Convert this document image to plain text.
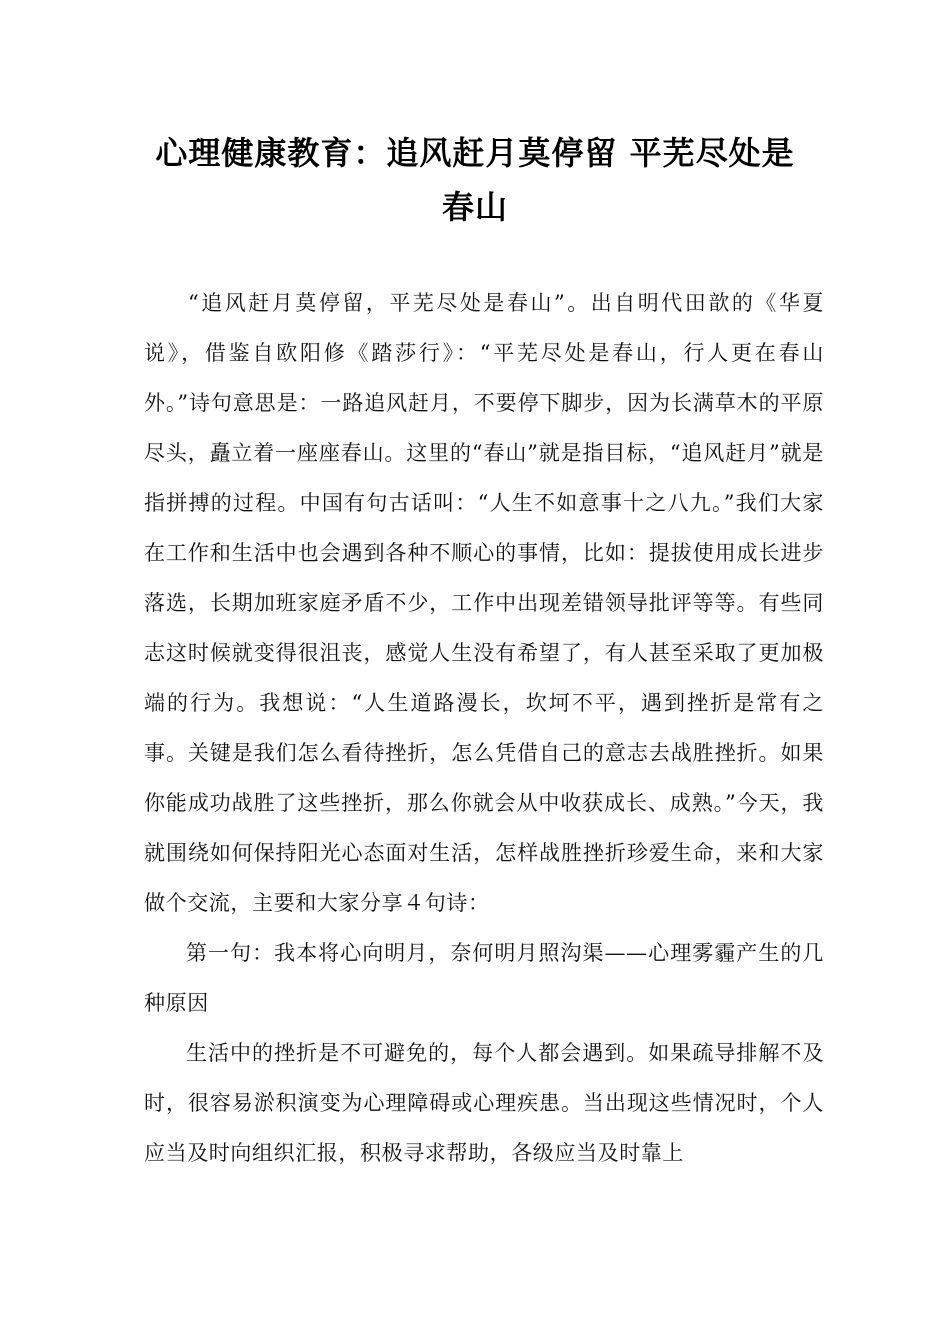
心理健康教育：追风赶月莫停留 平芜尽处是春山

“追风赶月莫停留，平芜尽处是春山”。出自明代田歆的《华夏说》，借鉴自欧阳修《踏莎行》：“平芜尽处是春山，行人更在春山外。”诗句意思是：一路追风赶月，不要停下脚步，因为长满草木的平原尽头，矗立着一座座春山。这里的“春山”就是指目标，“追风赶月”就是指拼搏的过程。中国有句古话叫：“人生不如意事十之八九。”我们大家在工作和生活中也会遇到各种不顺心的事情，比如：提拔使用成长进步落选，长期加班家庭矛盾不少，工作中出现差错领导批评等等。有些同志这时候就变得很沮丧，感觉人生没有希望了，有人甚至采取了更加极端的行为。我想说：“人生道路漫长，坎坷不平，遇到挫折是常有之事。关键是我们怎么看待挫折，怎么凭借自己的意志去战胜挫折。如果你能成功战胜了这些挫折，那么你就会从中收获成长、成熟。”今天，我就围绕如何保持阳光心态面对生活，怎样战胜挫折珍爱生命，来和大家做个交流，主要和大家分享４句诗：

第一句：我本将心向明月，奈何明月照沟渠——心理雾霾产生的几种原因

生活中的挫折是不可避免的，每个人都会遇到。如果疏导排解不及时，很容易淤积演变为心理障碍或心理疾患。当出现这些情况时，个人应当及时向组织汇报，积极寻求帮助，各级应当及时靠上
